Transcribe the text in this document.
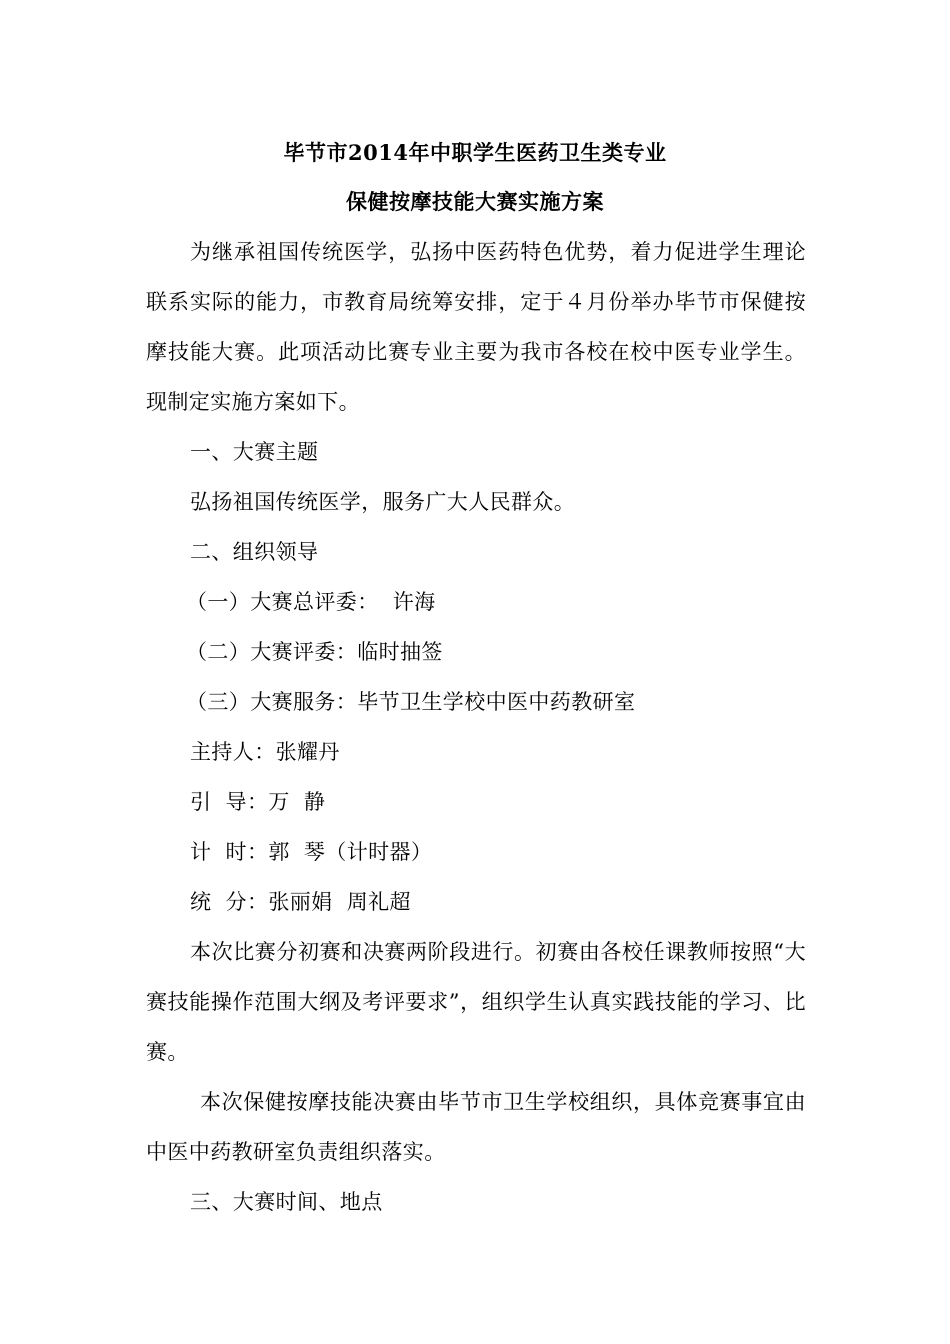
毕节市2014年中职学生医药卫生类专业
保健按摩技能大赛实施方案

为继承祖国传统医学，弘扬中医药特色优势，着力促进学生理论联系实际的能力，市教育局统筹安排，定于４月份举办毕节市保健按摩技能大赛。此项活动比赛专业主要为我市各校在校中医专业学生。现制定实施方案如下。

一、大赛主题

弘扬祖国传统医学，服务广大人民群众。

二、组织领导

（一）大赛总评委：  许海

（二）大赛评委：临时抽签

（三）大赛服务：毕节卫生学校中医中药教研室

主持人：张耀丹

引  导：万  静

计  时：郭  琴（计时器）

统  分：张丽娟  周礼超

本次比赛分初赛和决赛两阶段进行。初赛由各校任课教师按照“大赛技能操作范围大纲及考评要求”，组织学生认真实践技能的学习、比赛。

本次保健按摩技能决赛由毕节市卫生学校组织，具体竞赛事宜由中医中药教研室负责组织落实。

三、大赛时间、地点
